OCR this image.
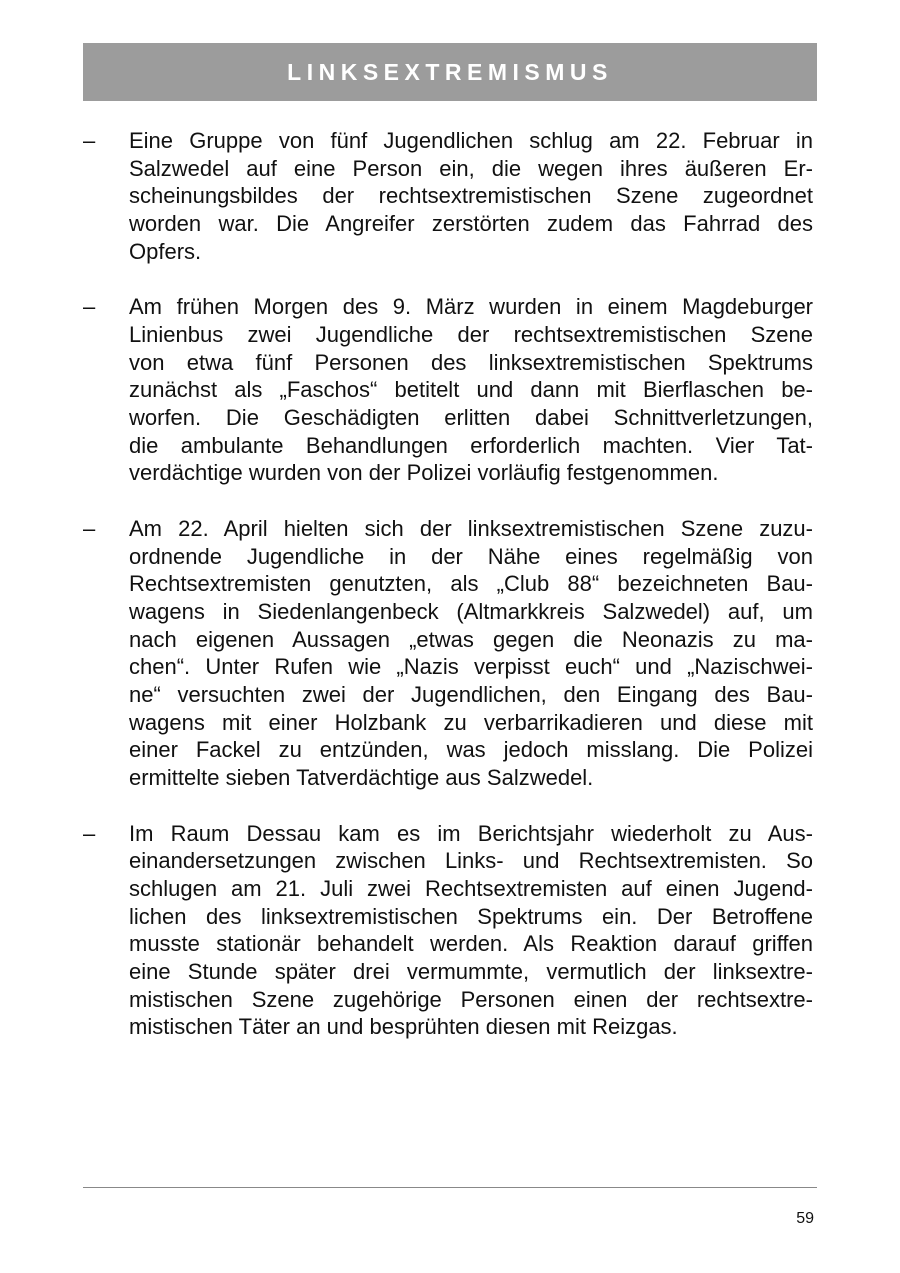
LINKSEXTREMISMUS
– Eine Gruppe von fünf Jugendlichen schlug am 22. Februar in
Salzwedel auf eine Person ein, die wegen ihres äußeren Er-
scheinungsbildes der rechtsextremistischen Szene zugeordnet
worden war. Die Angreifer zerstörten zudem das Fahrrad des
Opfers.
– Am frühen Morgen des 9. März wurden in einem Magdeburger
Linienbus zwei Jugendliche der rechtsextremistischen Szene
von etwa fünf Personen des linksextremistischen Spektrums
zunächst als „Faschos“ betitelt und dann mit Bierflaschen be-
worfen. Die Geschädigten erlitten dabei Schnittverletzungen,
die ambulante Behandlungen erforderlich machten. Vier Tat-
verdächtige wurden von der Polizei vorläufig festgenommen.
– Am 22. April hielten sich der linksextremistischen Szene zuzu-
ordnende Jugendliche in der Nähe eines regelmäßig von
Rechtsextremisten genutzten, als „Club 88“ bezeichneten Bau-
wagens in Siedenlangenbeck (Altmarkkreis Salzwedel) auf, um
nach eigenen Aussagen „etwas gegen die Neonazis zu ma-
chen“. Unter Rufen wie „Nazis verpisst euch“ und „Nazischwei-
ne“ versuchten zwei der Jugendlichen, den Eingang des Bau-
wagens mit einer Holzbank zu verbarrikadieren und diese mit
einer Fackel zu entzünden, was jedoch misslang. Die Polizei
ermittelte sieben Tatverdächtige aus Salzwedel.
– Im Raum Dessau kam es im Berichtsjahr wiederholt zu Aus-
einandersetzungen zwischen Links- und Rechtsextremisten. So
schlugen am 21. Juli zwei Rechtsextremisten auf einen Jugend-
lichen des linksextremistischen Spektrums ein. Der Betroffene
musste stationär behandelt werden. Als Reaktion darauf griffen
eine Stunde später drei vermummte, vermutlich der linksextre-
mistischen Szene zugehörige Personen einen der rechtsextre-
mistischen Täter an und besprühten diesen mit Reizgas.
59
